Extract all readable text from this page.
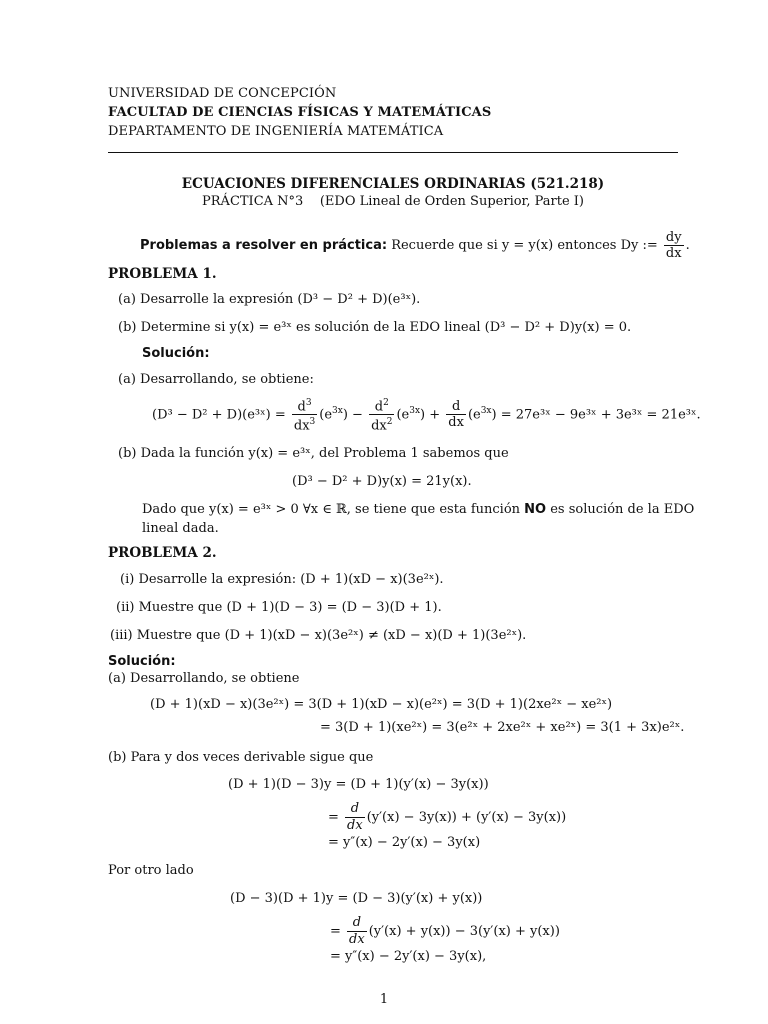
UNIVERSIDAD DE CONCEPCIÓN
FACULTAD DE CIENCIAS FÍSICAS Y MATEMÁTICAS
DEPARTAMENTO DE INGENIERÍA MATEMÁTICA
ECUACIONES DIFERENCIALES ORDINARIAS (521.218)
PRÁCTICA N°3 (EDO Lineal de Orden Superior, Parte I)
Problemas a resolver en práctica: Recuerde que si y = y(x) entonces Dy := $\frac{dy}{dx}$ .
PROBLEMA 1.
(a) Desarrolle la expresión (D³ − D² + D)(e³ˣ).
(b) Determine si y(x) = e³ˣ es solución de la EDO lineal (D³ − D² + D)y(x) = 0.
Solución:
(a) Desarrollando, se obtiene:
(D³ − D² + D)(e³ˣ) = $\frac{d^3}{dx^3} (e^{3x}) - \frac{d^2}{dx^2} (e^{3x}) + \frac{d}{dx} (e^{3x})$ = 27e³ˣ − 9e³ˣ + 3e³ˣ = 21e³ˣ.
(b) Dada la función y(x) = e³ˣ, del Problema 1 sabemos que
(D³ − D² + D)y(x) = 21y(x).
Dado que y(x) = e³ˣ > 0 ∀x ∈ ℝ, se tiene que esta función NO es solución de la EDO
lineal dada.
PROBLEMA 2.
(i) Desarrolle la expresión: (D + 1)(xD − x)(3e²ˣ).
(ii) Muestre que (D + 1)(D − 3) = (D − 3)(D + 1).
(iii) Muestre que (D + 1)(xD − x)(3e²ˣ) ≠ (xD − x)(D + 1)(3e²ˣ).
Solución:
(a) Desarrollando, se obtiene
(D + 1)(xD − x)(3e²ˣ) = 3(D + 1)(xD − x)(e²ˣ) = 3(D + 1)(2xe²ˣ − xe²ˣ)
= 3(D + 1)(xe²ˣ) = 3(e²ˣ + 2xe²ˣ + xe²ˣ) = 3(1 + 3x)e²ˣ.
(b) Para y dos veces derivable sigue que
(D + 1)(D − 3)y = (D + 1)(y′(x) − 3y(x))
= $\frac{d}{dx} (y'(x) - 3y(x)) + (y'(x) - 3y(x))$
= y″(x) − 2y′(x) − 3y(x)
Por otro lado
(D − 3)(D + 1)y = (D − 3)(y′(x) + y(x))
= $\frac{d}{dx} (y'(x) + y(x)) - 3(y'(x) + y(x))$
= y″(x) − 2y′(x) − 3y(x),
1
